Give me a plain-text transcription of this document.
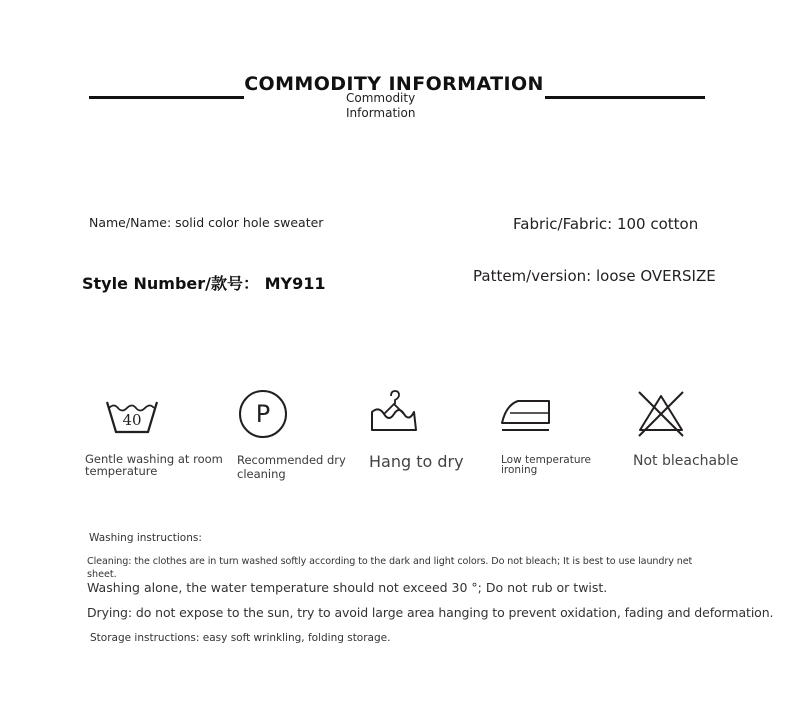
COMMODITY INFORMATION
Commodity
Information
Name/Name: solid color hole sweater	Fabric/Fabric: 100 cotton
Style Number/款号： MY911	Pattem/version: loose OVERSIZE
40
Gentle washing at room
temperature
P
Recommended dry
cleaning
Hang to dry	Low temperature
ironing
Not bleachable
Washing instructions:
Cleaning: the clothes are in turn washed softly according to the dark and light colors. Do not bleach; It is best to use laundry net
sheet.
Washing alone, the water temperature should not exceed 30 °; Do not rub or twist.
Drying: do not expose to the sun, try to avoid large area hanging to prevent oxidation, fading and deformation.
Storage instructions: easy soft wrinkling, folding storage.
